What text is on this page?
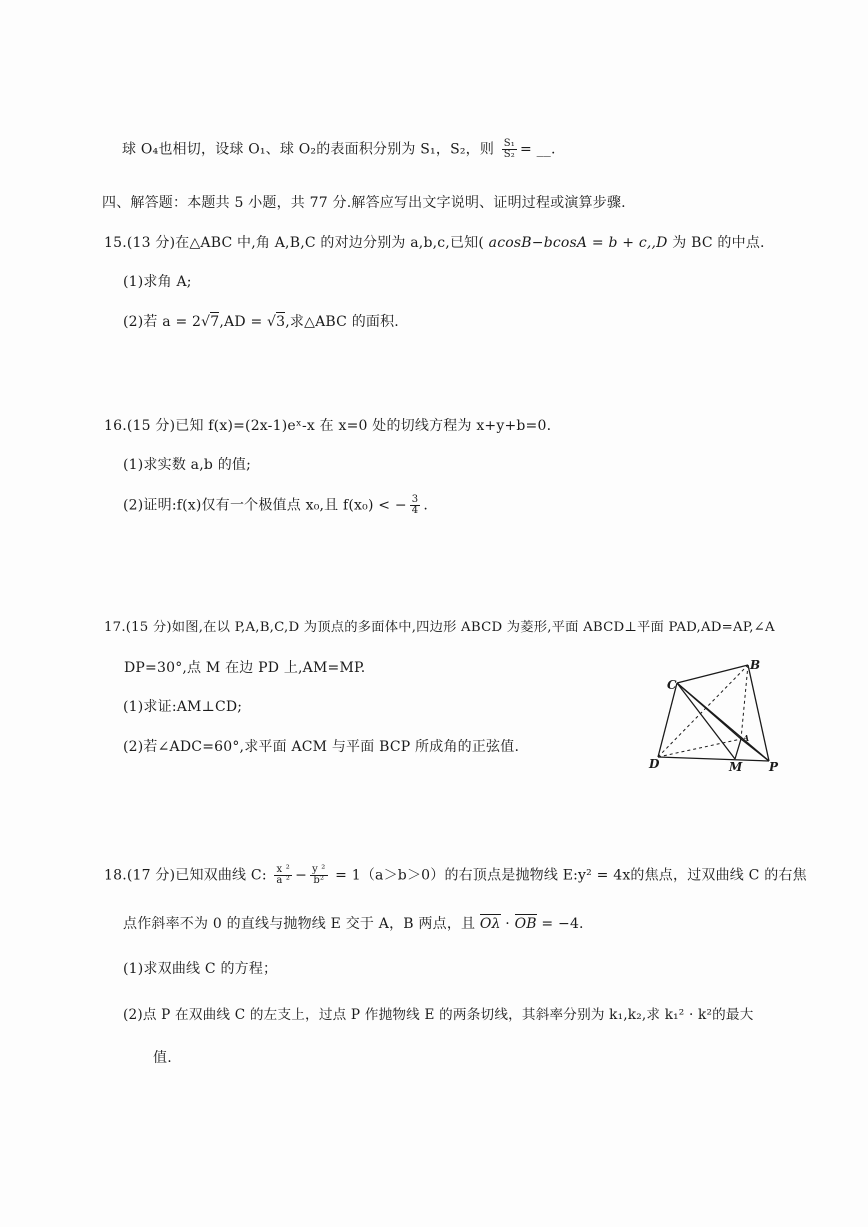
球 O₄也相切，设球 O₁、球 O₂的表面积分别为 S₁，S₂，则 $\frac{\text{S₁}}{\text{S₂}}$ = __.
四、解答题：本题共 5 小题，共 77 分.解答应写出文字说明、证明过程或演算步骤.
15.(13 分)在△ABC 中,角 A,B,C 的对边分别为 a,b,c,已知( acosB−bcosA = b + c,,D 为 BC 的中点.
(1)求角 A;
(2)若 a = 2√7,AD = √3,求△ABC 的面积.
16.(15 分)已知 f(x)=(2x-1)eˣ-x 在 x=0 处的切线方程为 x+y+b=0.
(1)求实数 a,b 的值;
(2)证明:f(x)仅有一个极值点 x₀,且 f(x₀) < − $\frac{3}{4}$ .
17.(15 分)如图,在以 P,A,B,C,D 为顶点的多面体中,四边形 ABCD 为菱形,平面 ABCD⊥平面 PAD,AD=AP,∠A
DP=30°,点 M 在边 PD 上,AM=MP.
(1)求证:AM⊥CD;
(2)若∠ADC=60°,求平面 ACM 与平面 BCP 所成角的正弦值.
B
C
D	M P
A
18.(17 分)已知双曲线 C: $\frac{\text{x ²}}{\text{a ²}} - \frac{\text{y ²}}{\text{b²}} = 1(a>b>0)$的右顶点是抛物线 E:y² = 4x的焦点，过双曲线 C 的右焦
点作斜率不为 0 的直线与抛物线 E 交于 A，B 两点，且 Oλ · OB = −4.
(1)求双曲线 C 的方程；
(2)点 P 在双曲线 C 的左支上，过点 P 作抛物线 E 的两条切线，其斜率分别为 k₁,k₂,求 k₁² · k²的最大
值.
